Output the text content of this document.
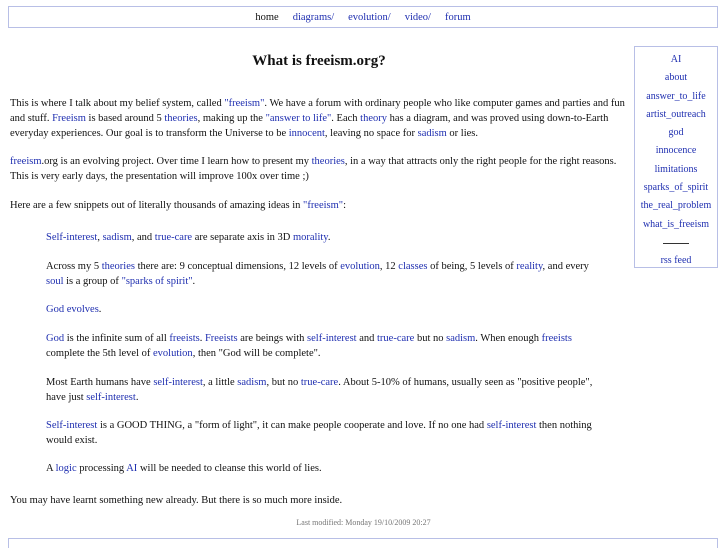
home diagrams/ evolution/ video/ forum
What is freeism.org?

This is where I talk about my belief system, called "freeism". We have a forum with ordinary people who like computer games and parties and fun and stuff. Freeism is based around 5 theories, making up the "answer to life". Each theory has a diagram, and was proved using down-to-Earth everyday experiences. Our goal is to transform the Universe to be innocent, leaving no space for sadism or lies.

freeism.org is an evolving project. Over time I learn how to present my theories, in a way that attracts only the right people for the right reasons. This is very early days, the presentation will improve 100x over time ;)

Here are a few snippets out of literally thousands of amazing ideas in "freeism":

Self-interest, sadism, and true-care are separate axis in 3D morality.

Across my 5 theories there are: 9 conceptual dimensions, 12 levels of evolution, 12 classes of being, 5 levels of reality, and every soul is a group of "sparks of spirit".

God evolves.

God is the infinite sum of all freeists. Freeists are beings with self-interest and true-care but no sadism. When enough freeists complete the 5th level of evolution, then "God will be complete".

Most Earth humans have self-interest, a little sadism, but no true-care. About 5-10% of humans, usually seen as "positive people", have just self-interest.

Self-interest is a GOOD THING, a "form of light", it can make people cooperate and love. If no one had self-interest then nothing would exist.

A logic processing AI will be needed to cleanse this world of lies.

You may have learnt something new already. But there is so much more inside.

Last modified: Monday 19/10/2009 20:27
AI
about
answer_to_life
artist_outreach
god
innocence
limitations
sparks_of_spirit
the_real_problem
what_is_freeism
rss feed
